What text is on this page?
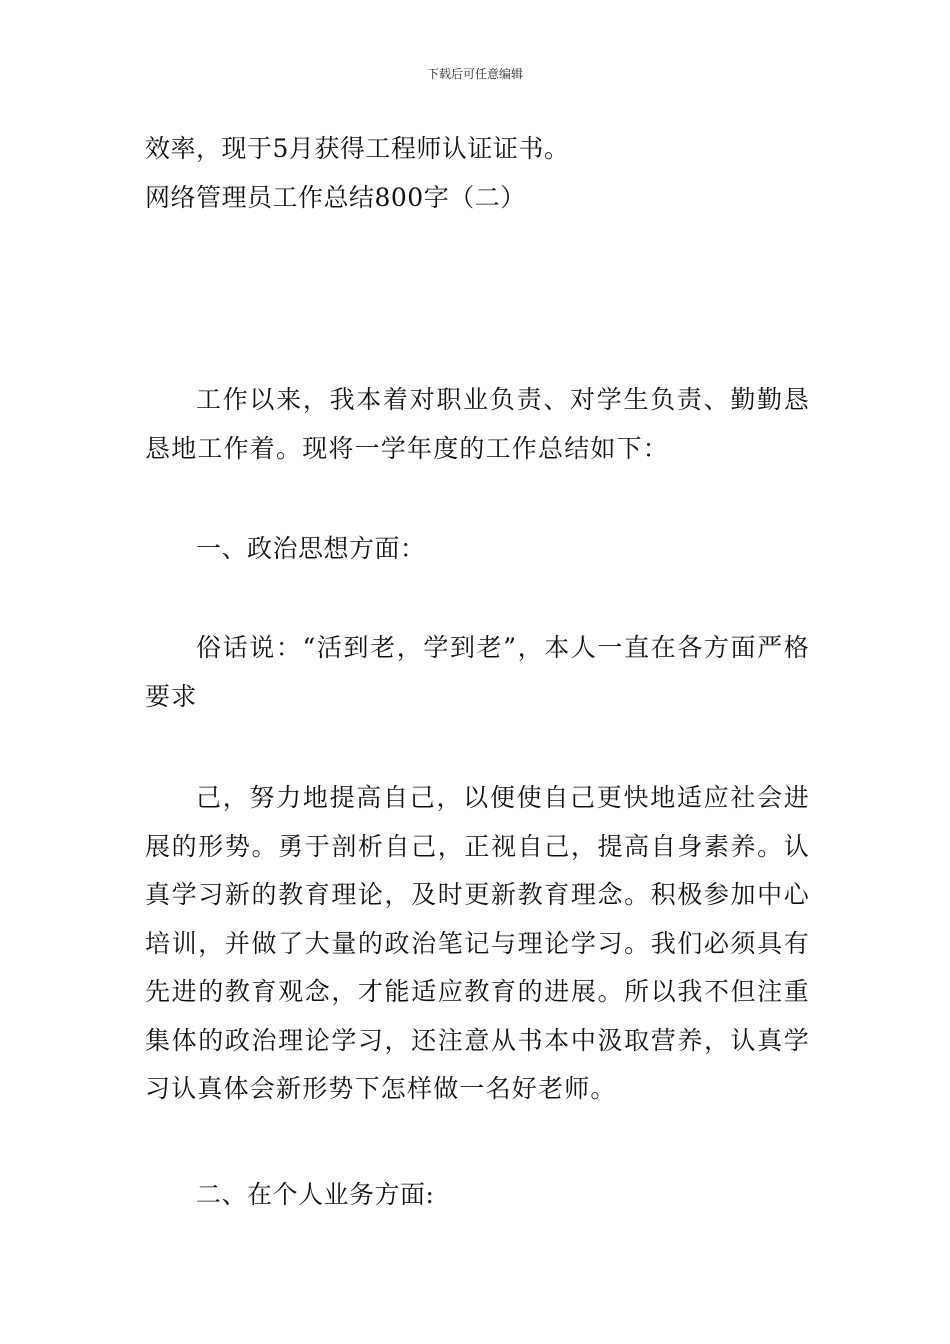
下载后可任意编辑
效率，现于5月获得工程师认证证书。
网络管理员工作总结800字（二）
工作以来，我本着对职业负责、对学生负责、勤勤恳恳地工作着。现将一学年度的工作总结如下：
一、政治思想方面：
俗话说：“活到老，学到老”，本人一直在各方面严格要求
己，努力地提高自己，以便使自己更快地适应社会进展的形势。勇于剖析自己，正视自己，提高自身素养。认真学习新的教育理论，及时更新教育理念。积极参加中心培训，并做了大量的政治笔记与理论学习。我们必须具有先进的教育观念，才能适应教育的进展。所以我不但注重集体的政治理论学习，还注意从书本中汲取营养，认真学习认真体会新形势下怎样做一名好老师。
二、在个人业务方面:
